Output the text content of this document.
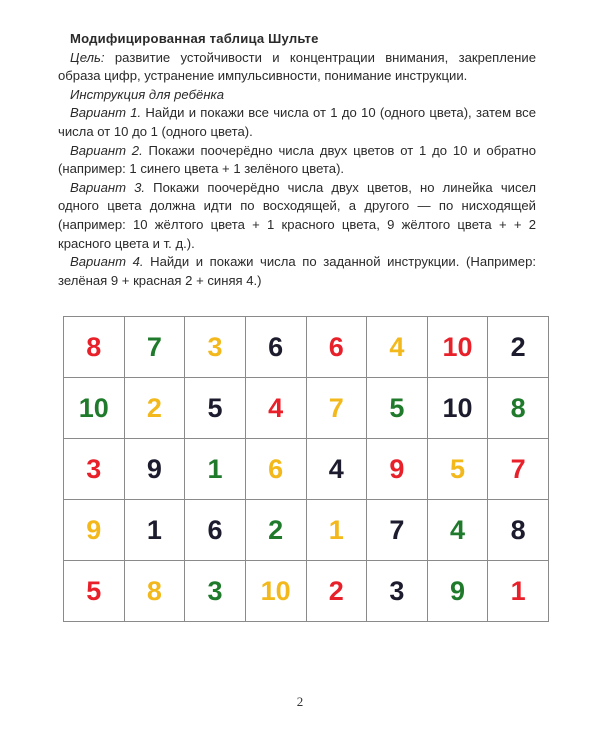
Модифицированная таблица Шульте
Цель: развитие устойчивости и концентрации внимания, закрепление образа цифр, устранение импульсивности, понимание инструкции.
Инструкция для ребёнка
Вариант 1. Найди и покажи все числа от 1 до 10 (одного цвета), затем все числа от 10 до 1 (одного цвета).
Вариант 2. Покажи поочерёдно числа двух цветов от 1 до 10 и обратно (например: 1 синего цвета + 1 зелёного цвета).
Вариант 3. Покажи поочерёдно числа двух цветов, но линейка чисел одного цвета должна идти по восходящей, а другого — по нисходящей (например: 10 жёлтого цвета + 1 красного цвета, 9 жёлтого цвета + + 2 красного цвета и т. д.).
Вариант 4. Найди и покажи числа по заданной инструкции. (Например: зелёная 9 + красная 2 + синяя 4.)
8	7	3	6	6	4	10	2
10	2	5	4	7	5	10	8
3	9	1	6	4	9	5	7
9	1	6	2	1	7	4	8
5	8	3	10	2	3	9	1
2
